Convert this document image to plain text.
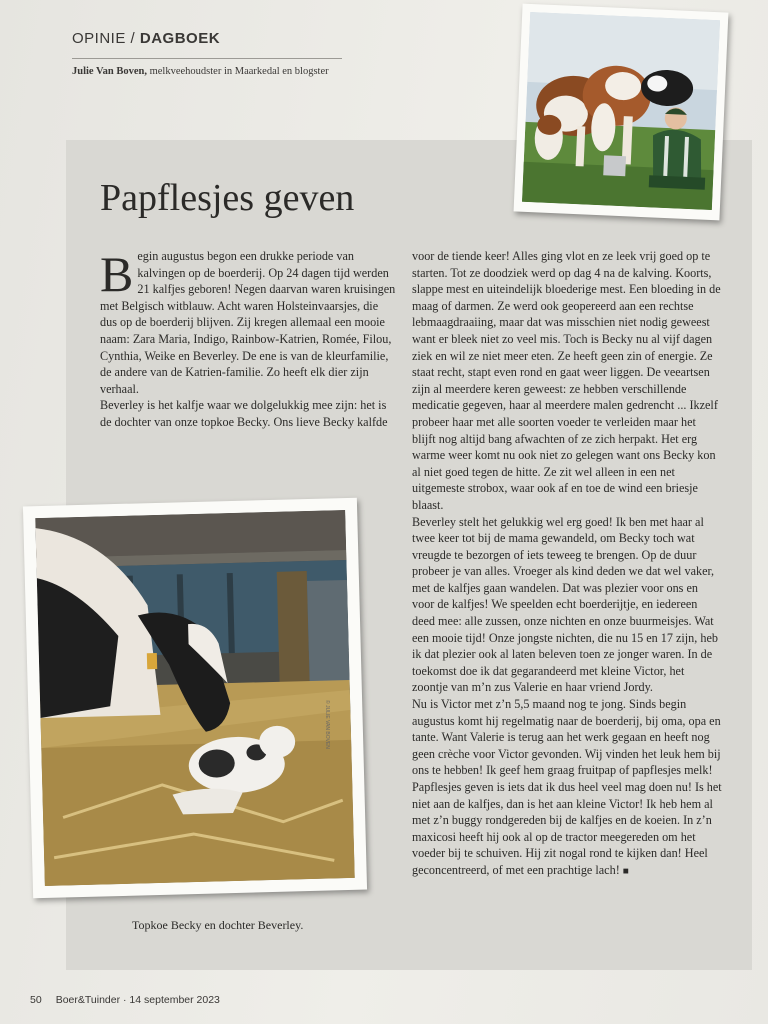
OPINIE / DAGBOEK
Julie Van Boven, melkveehoudster in Maarkedal en blogster
Papflesjes geven

Begin augustus begon een drukke periode van kalvingen op de boerderij. Op 24 dagen tijd werden 21 kalfjes geboren! Negen daarvan waren kruisingen met Belgisch witblauw. Acht waren Holsteinvaarsjes, die dus op de boerderij blijven. Zij kregen allemaal een mooie naam: Zara Maria, Indigo, Rainbow-Katrien, Romée, Filou, Cynthia, Weike en Beverley. De ene is van de kleurfamilie, de andere van de Katrien-familie. Zo heeft elk dier zijn verhaal.

Beverley is het kalfje waar we dolgelukkig mee zijn: het is de dochter van onze topkoe Becky. Ons lieve Becky kalfde

voor de tiende keer! Alles ging vlot en ze leek vrij goed op te starten. Tot ze doodziek werd op dag 4 na de kalving. Koorts, slappe mest en uiteindelijk bloederige mest. Een bloeding in de maag of darmen. Ze werd ook geopereerd aan een rechtse lebmaagdraaiing, maar dat was misschien niet nodig geweest want er bleek niet zo veel mis. Toch is Becky nu al vijf dagen ziek en wil ze niet meer eten. Ze heeft geen zin of energie. Ze staat recht, stapt even rond en gaat weer liggen. De veeartsen zijn al meerdere keren geweest: ze hebben verschillende medicatie gegeven, haar al meerdere malen gedrencht ... Ikzelf probeer haar met alle soorten voeder te verleiden maar het blijft nog altijd bang afwachten of ze zich herpakt. Het erg warme weer komt nu ook niet zo gelegen want ons Becky kon al niet goed tegen de hitte. Ze zit wel alleen in een net uitgemeste strobox, waar ook af en toe de wind een briesje blaast.

Beverley stelt het gelukkig wel erg goed! Ik ben met haar al twee keer tot bij de mama gewandeld, om Becky toch wat vreugde te bezorgen of iets teweeg te brengen. Op de duur probeer je van alles. Vroeger als kind deden we dat wel vaker, met de kalfjes gaan wandelen. Dat was plezier voor ons en voor de kalfjes! We speelden echt boerderijtje, en iedereen deed mee: alle zussen, onze nichten en onze buurmeisjes. Wat een mooie tijd! Onze jongste nichten, die nu 15 en 17 zijn, heb ik dat plezier ook al laten beleven toen ze jonger waren. In de toekomst doe ik dat gegarandeerd met kleine Victor, het zoontje van m’n zus Valerie en haar vriend Jordy.

Nu is Victor met z’n 5,5 maand nog te jong. Sinds begin augustus komt hij regelmatig naar de boerderij, bij oma, opa en tante. Want Valerie is terug aan het werk gegaan en heeft nog geen crèche voor Victor gevonden. Wij vinden het leuk hem bij ons te hebben! Ik geef hem graag fruitpap of papflesjes melk! Papflesjes geven is iets dat ik dus heel veel mag doen nu! Is het niet aan de kalfjes, dan is het aan kleine Victor! Ik heb hem al met z’n buggy rondgereden bij de kalfjes en de koeien. In z’n maxicosi heeft hij ook al op de tractor meegereden om het voeder bij te schuiven. Hij zit nogal rond te kijken dan! Heel geconcentreerd, of met een prachtige lach! ■

© JULIE VAN BOVEN
Topkoe Becky en dochter Beverley.
50 Boer&Tuinder · 14 september 2023
